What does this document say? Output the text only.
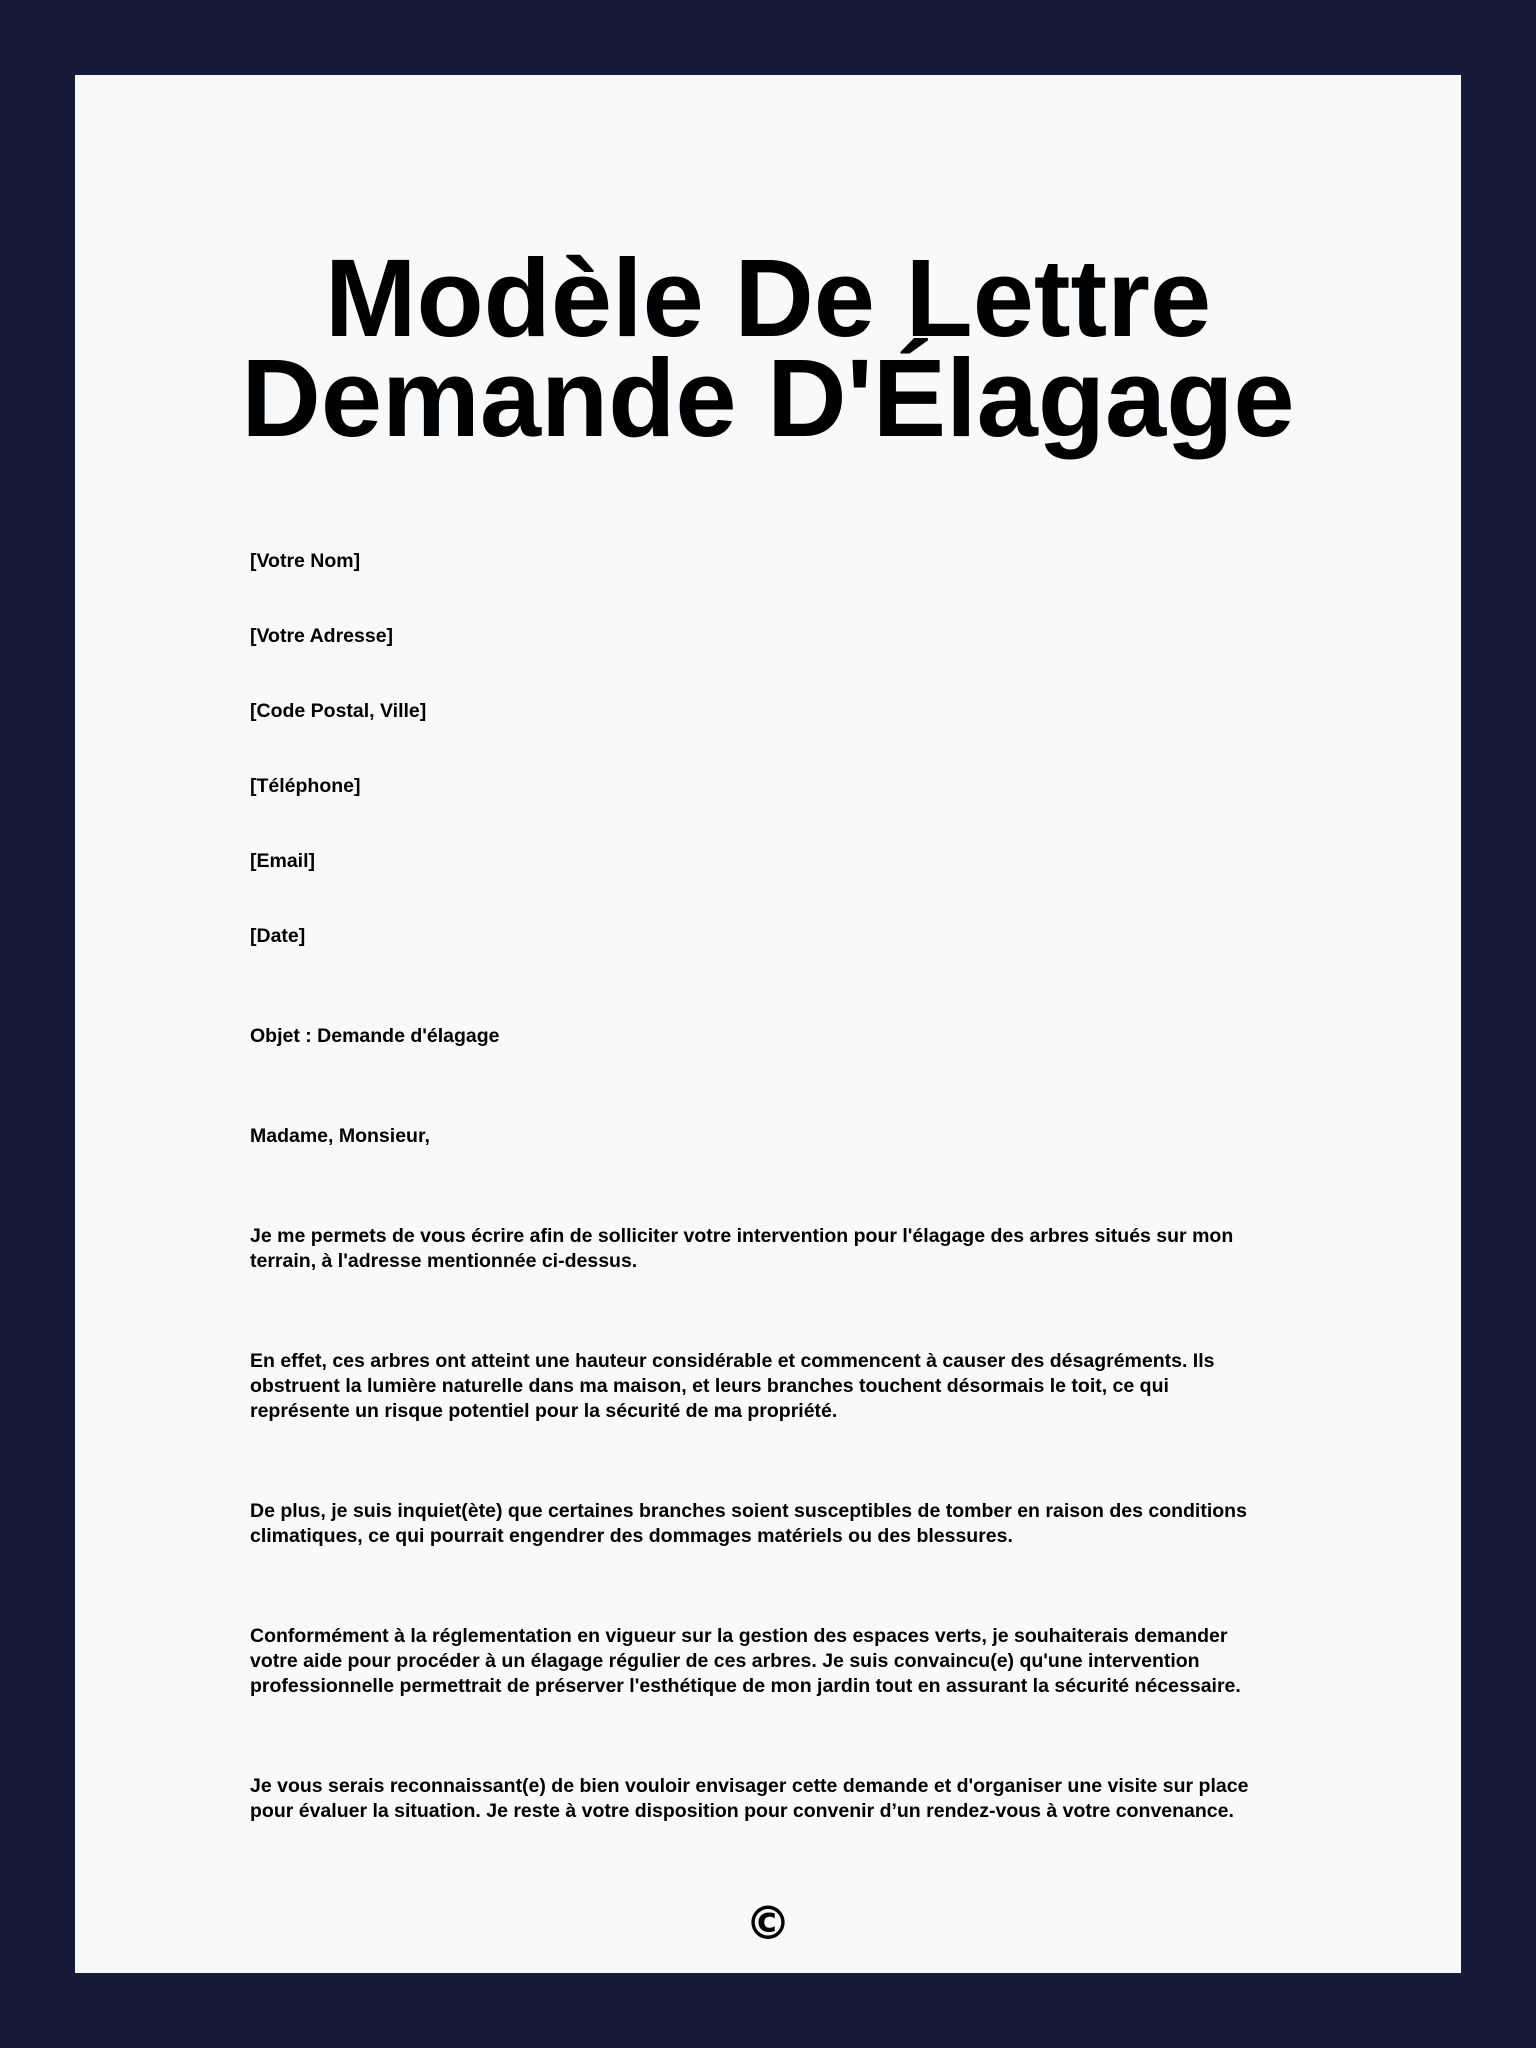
Modèle De Lettre Demande D'Élagage
[Votre Nom]
[Votre Adresse]
[Code Postal, Ville]
[Téléphone]
[Email]
[Date]
Objet : Demande d'élagage
Madame, Monsieur,
Je me permets de vous écrire afin de solliciter votre intervention pour l'élagage des arbres situés sur mon
terrain, à l'adresse mentionnée ci-dessus.
En effet, ces arbres ont atteint une hauteur considérable et commencent à causer des désagréments. Ils
obstruent la lumière naturelle dans ma maison, et leurs branches touchent désormais le toit, ce qui
représente un risque potentiel pour la sécurité de ma propriété.
De plus, je suis inquiet(ète) que certaines branches soient susceptibles de tomber en raison des conditions
climatiques, ce qui pourrait engendrer des dommages matériels ou des blessures.
Conformément à la réglementation en vigueur sur la gestion des espaces verts, je souhaiterais demander
votre aide pour procéder à un élagage régulier de ces arbres. Je suis convaincu(e) qu'une intervention
professionnelle permettrait de préserver l'esthétique de mon jardin tout en assurant la sécurité nécessaire.
Je vous serais reconnaissant(e) de bien vouloir envisager cette demande et d'organiser une visite sur place
pour évaluer la situation. Je reste à votre disposition pour convenir d’un rendez-vous à votre convenance.
©
